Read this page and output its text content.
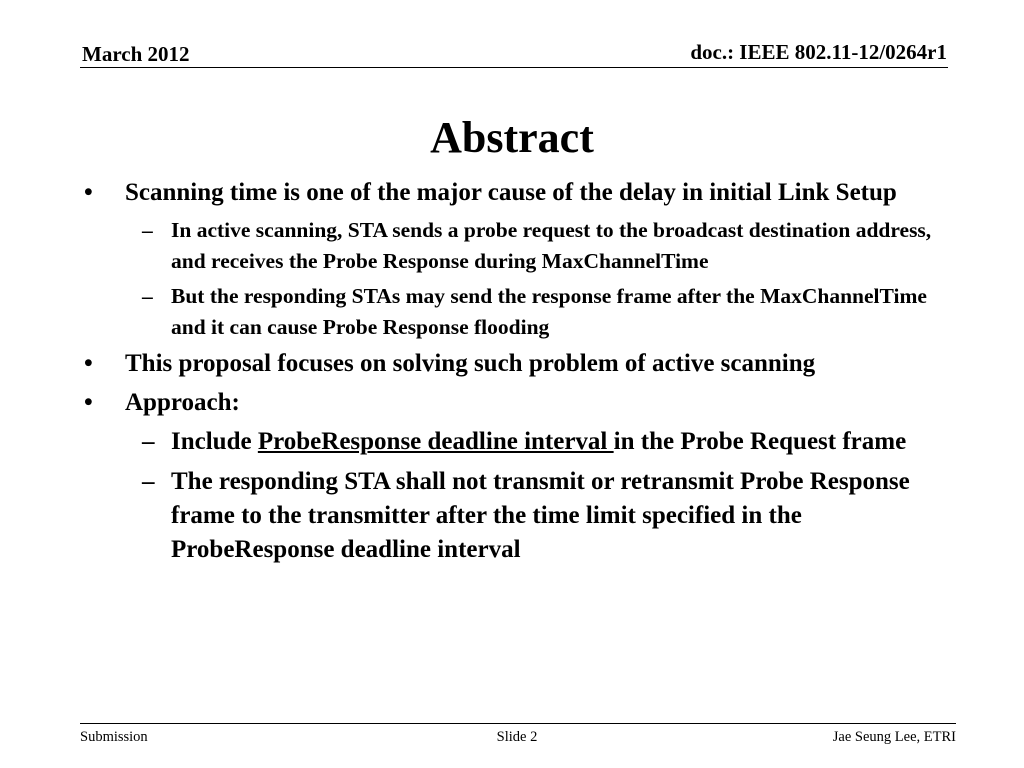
March 2012	doc.: IEEE 802.11-12/0264r1
Abstract
• Scanning time is one of the major cause of the delay in initial Link Setup
– In active scanning, STA sends a probe request to the broadcast destination address, and receives the Probe Response during MaxChannelTime
– But the responding STAs may send the response frame after the MaxChannelTime and it can cause Probe Response flooding
• This proposal focuses on solving such problem of active scanning
• Approach:
– Include ProbeResponse deadline interval in the Probe Request frame
– The responding STA shall not transmit or retransmit Probe Response frame to the transmitter after the time limit specified in the ProbeResponse deadline interval
Submission	Slide 2	Jae Seung Lee, ETRI
